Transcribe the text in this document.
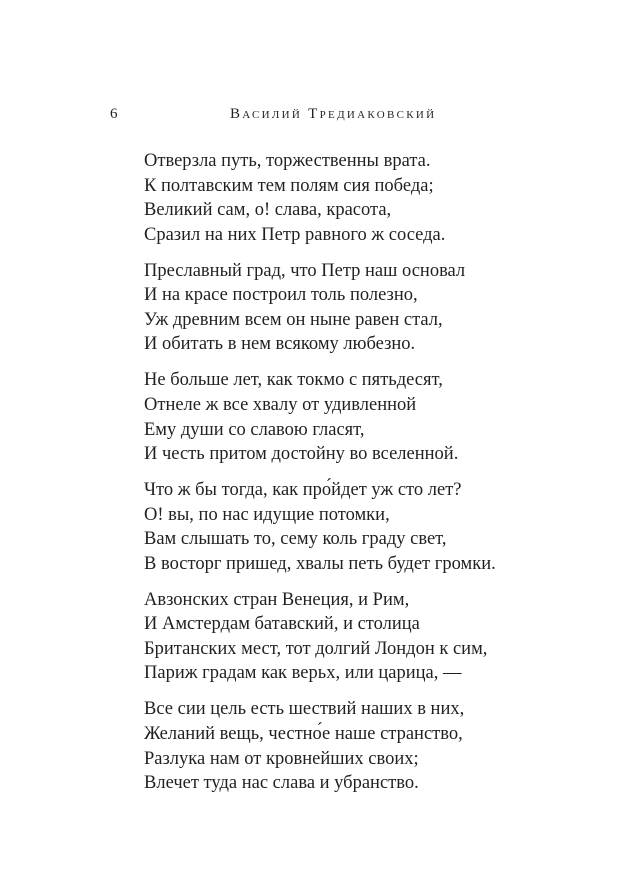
6	Василий Тредиаковский
Отверзла путь, торжественны врата.
К полтавским тем полям сия победа;
Великий сам, о! слава, красота,
Сразил на них Петр равного ж соседа.
Преславный град, что Петр наш основал
И на красе построил толь полезно,
Уж древним всем он ныне равен стал,
И обитать в нем всякому любезно.
Не больше лет, как токмо с пятьдесят,
Отнеле ж все хвалу от удивленной
Ему души со славою гласят,
И честь притом достойну во вселенной.
Что ж бы тогда, как про́йдет уж сто лет?
О! вы, по нас идущие потомки,
Вам слышать то, сему коль граду свет,
В восторг пришед, хвалы петь будет громки.
Авзонских стран Венеция, и Рим,
И Амстердам батавский, и столица
Британских мест, тот долгий Лондон к сим,
Париж градам как верьх, или царица, —
Все сии цель есть шествий наших в них,
Желаний вещь, честно́е наше странство,
Разлука нам от кровнейших своих;
Влечет туда нас слава и убранство.
